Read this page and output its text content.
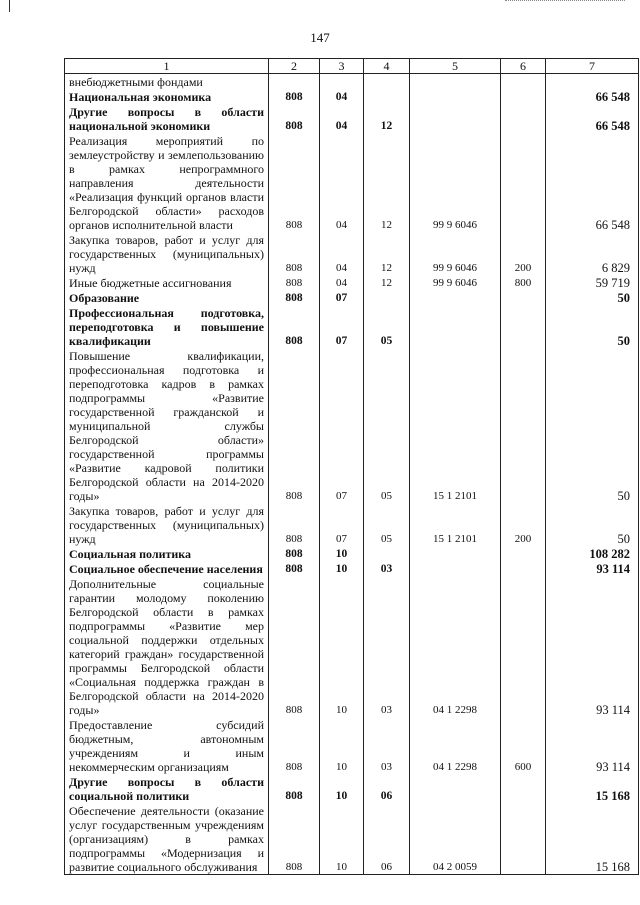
147
1	2	3	4	5	6	7
внебюджетными фондами						
Национальная экономика	808	04				66 548
Другие вопросы в области национальной экономики	808	04	12			66 548
Реализация мероприятий по землеустройству и землепользованию в рамках непрограммного направления деятельности «Реализация функций органов власти Белгородской области» расходов органов исполнительной власти	808	04	12	99 9 6046		66 548
Закупка товаров, работ и услуг для государственных (муниципальных) нужд	808	04	12	99 9 6046	200	6 829
Иные бюджетные ассигнования	808	04	12	99 9 6046	800	59 719
Образование	808	07				50
Профессиональная подготовка, переподготовка и повышение квалификации	808	07	05			50
Повышение квалификации, профессиональная подготовка и переподготовка кадров в рамках подпрограммы «Развитие государственной гражданской и муниципальной службы Белгородской области» государственной программы «Развитие кадровой политики Белгородской области на 2014-2020 годы»	808	07	05	15 1 2101		50
Закупка товаров, работ и услуг для государственных (муниципальных) нужд	808	07	05	15 1 2101	200	50
Социальная политика	808	10				108 282
Социальное обеспечение населения	808	10	03			93 114
Дополнительные социальные гарантии молодому поколению Белгородской области в рамках подпрограммы «Развитие мер социальной поддержки отдельных категорий граждан» государственной программы Белгородской области «Социальная поддержка граждан в Белгородской области на 2014-2020 годы»	808	10	03	04 1 2298		93 114
Предоставление субсидий бюджетным, автономным учреждениям и иным некоммерческим организациям	808	10	03	04 1 2298	600	93 114
Другие вопросы в области социальной политики	808	10	06			15 168
Обеспечение деятельности (оказание услуг государственным учреждениям (организациям) в рамках подпрограммы «Модернизация и развитие социального обслуживания	808	10	06	04 2 0059		15 168
